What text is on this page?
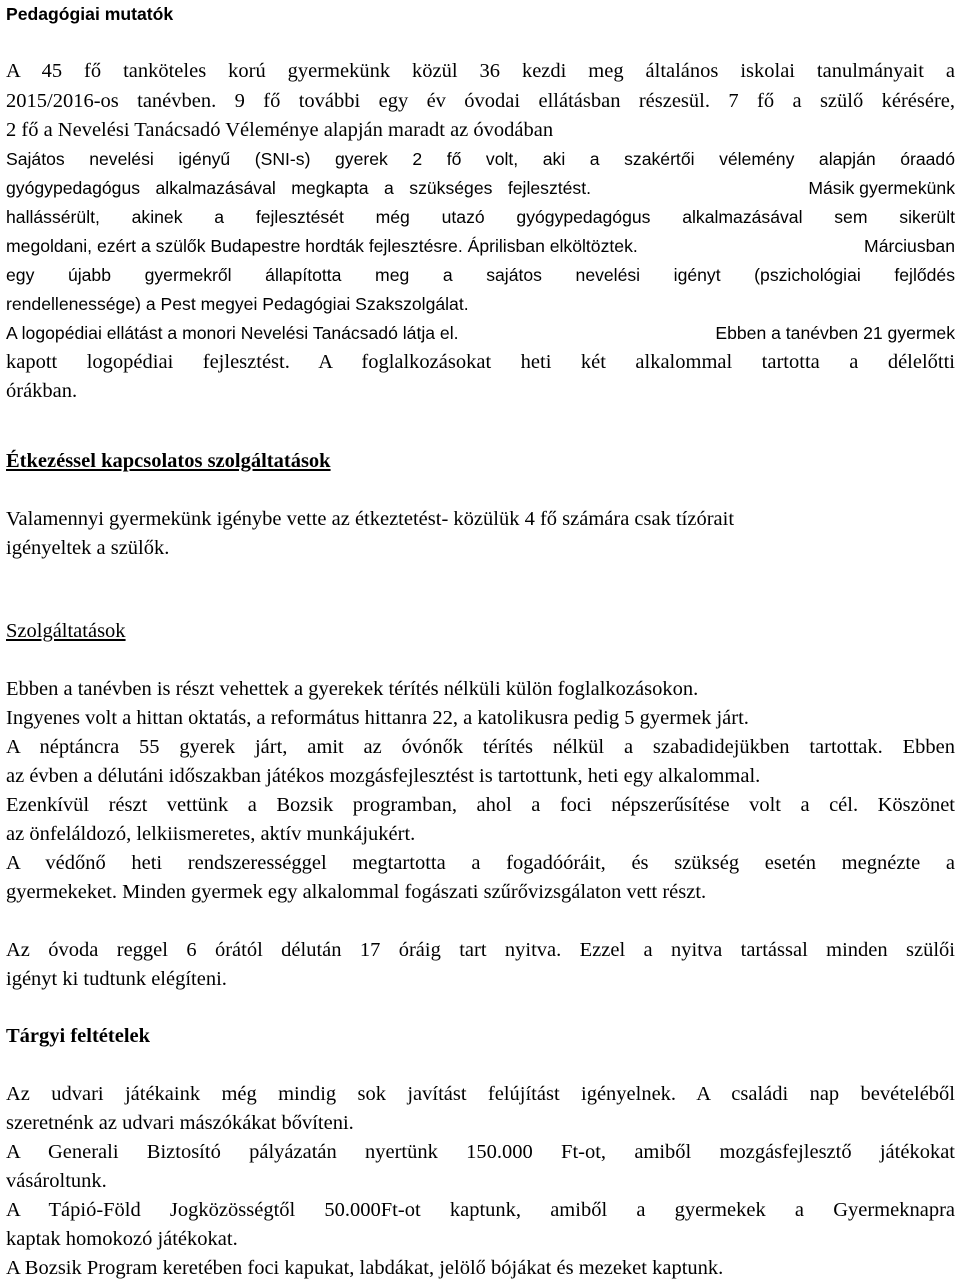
Pedagógiai mutatók
A 45 fő tanköteles korú gyermekünk közül 36 kezdi meg általános iskolai tanulmányait a
2015/2016-os tanévben. 9 fő további egy év óvodai ellátásban részesül. 7 fő a szülő kérésére,
2 fő a Nevelési Tanácsadó Véleménye alapján maradt az óvodában
Sajátos nevelési igényű (SNI-s) gyerek 2 fő volt, aki a szakértői vélemény alapján óraadó
gyógypedagógus alkalmazásával megkapta a szükséges fejlesztést.	Másik gyermekünk
hallássérült, akinek a fejlesztését még utazó gyógypedagógus alkalmazásával sem sikerült
megoldani, ezért a szülők Budapestre hordták fejlesztésre. Áprilisban elköltöztek.	Márciusban
egy újabb gyermekről állapította meg a sajátos nevelési igényt (pszichológiai fejlődés
rendellenessége) a Pest megyei Pedagógiai Szakszolgálat.
A logopédiai ellátást a monori Nevelési Tanácsadó látja el.	Ebben a tanévben 21 gyermek
kapott logopédiai fejlesztést. A foglalkozásokat heti két alkalommal tartotta a délelőtti
órákban.
Étkezéssel kapcsolatos szolgáltatások
Valamennyi gyermekünk igénybe vette az étkeztetést- közülük 4 fő számára csak tízórait
igényeltek a szülők.
Szolgáltatások
Ebben a tanévben is részt vehettek a gyerekek térítés nélküli külön foglalkozásokon.
Ingyenes volt a hittan oktatás, a református hittanra 22, a katolikusra pedig 5 gyermek járt.
A néptáncra 55 gyerek járt, amit az óvónők térítés nélkül a szabadidejükben tartottak. Ebben
az évben a délutáni időszakban játékos mozgásfejlesztést is tartottunk, heti egy alkalommal.
Ezenkívül részt vettünk a Bozsik programban, ahol a foci népszerűsítése volt a cél. Köszönet
az önfeláldozó, lelkiismeretes, aktív munkájukért.
A védőnő heti rendszerességgel megtartotta a fogadóóráit, és szükség esetén megnézte a
gyermekeket. Minden gyermek egy alkalommal fogászati szűrővizsgálaton vett részt.
Az óvoda reggel 6 órától délután 17 óráig tart nyitva. Ezzel a nyitva tartással minden szülői
igényt ki tudtunk elégíteni.
Tárgyi feltételek
Az udvari játékaink még mindig sok javítást felújítást igényelnek. A családi nap bevételéből
szeretnénk az udvari mászókákat bővíteni.
A Generali Biztosító pályázatán nyertünk 150.000 Ft-ot, amiből mozgásfejlesztő játékokat
vásároltunk.
A Tápió-Föld Jogközösségtől 50.000Ft-ot kaptunk, amiből a gyermekek a Gyermeknapra
kaptak homokozó játékokat.
A Bozsik Program keretében foci kapukat, labdákat, jelölő bójákat és mezeket kaptunk.
